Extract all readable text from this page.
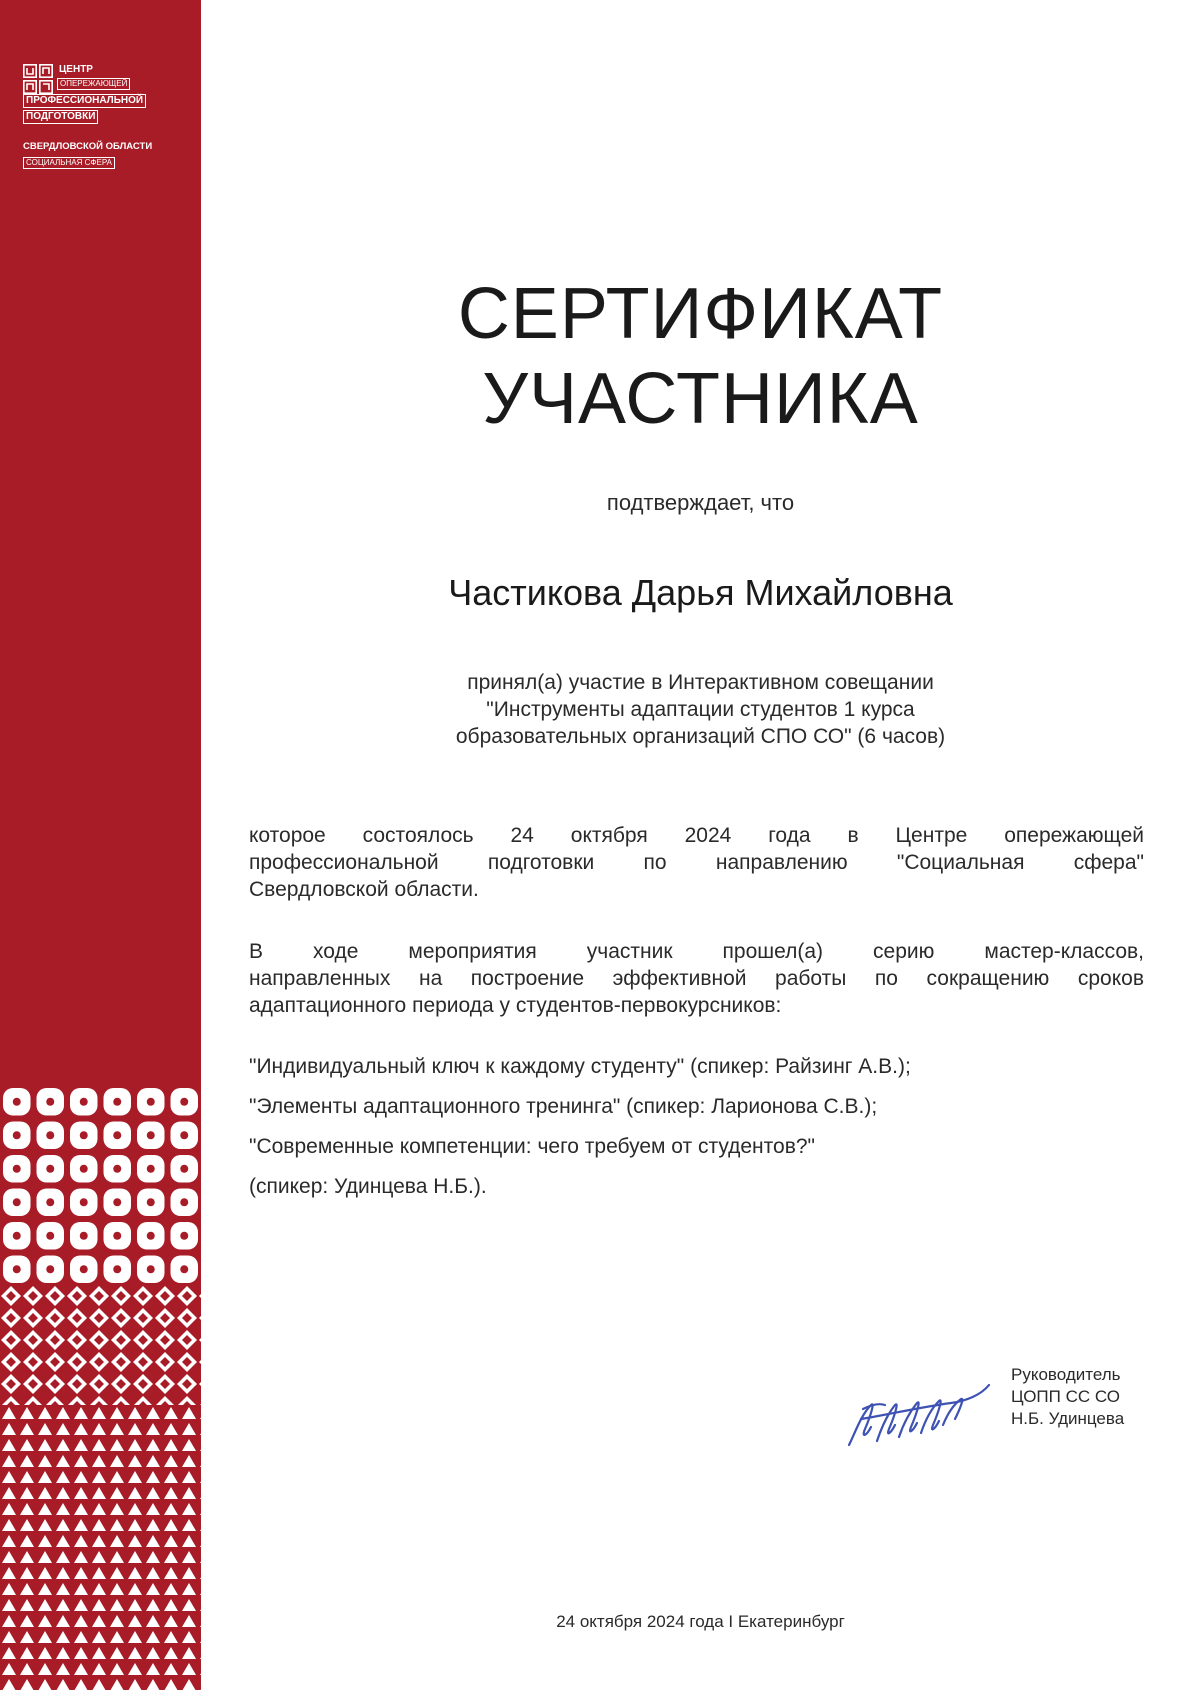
ЦЕНТР
ОПЕРЕЖАЮЩЕЙ
ПРОФЕССИОНАЛЬНОЙ
ПОДГОТОВКИ
СВЕРДЛОВСКОЙ ОБЛАСТИ
СОЦИАЛЬНАЯ СФЕРА
СЕРТИФИКАТ
УЧАСТНИКА
подтверждает, что
Частикова Дарья Михайловна
принял(а) участие в Интерактивном совещании
"Инструменты адаптации студентов 1 курса
образовательных организаций СПО СО" (6 часов)
которое состоялось 24 октября 2024 года в Центре опережающей
профессиональной подготовки по направлению "Социальная сфера"
Свердловской области.
В ходе мероприятия участник прошел(а) серию мастер-классов,
направленных на построение эффективной работы по сокращению сроков
адаптационного периода у студентов-первокурсников:
"Индивидуальный ключ к каждому студенту" (спикер: Райзинг А.В.);
"Элементы адаптационного тренинга" (спикер: Ларионова С.В.);
"Современные компетенции: чего требуем от студентов?"
(спикер: Удинцева Н.Б.).
Руководитель
ЦОПП СС СО
Н.Б. Удинцева
24 октября 2024 года I Екатеринбург
